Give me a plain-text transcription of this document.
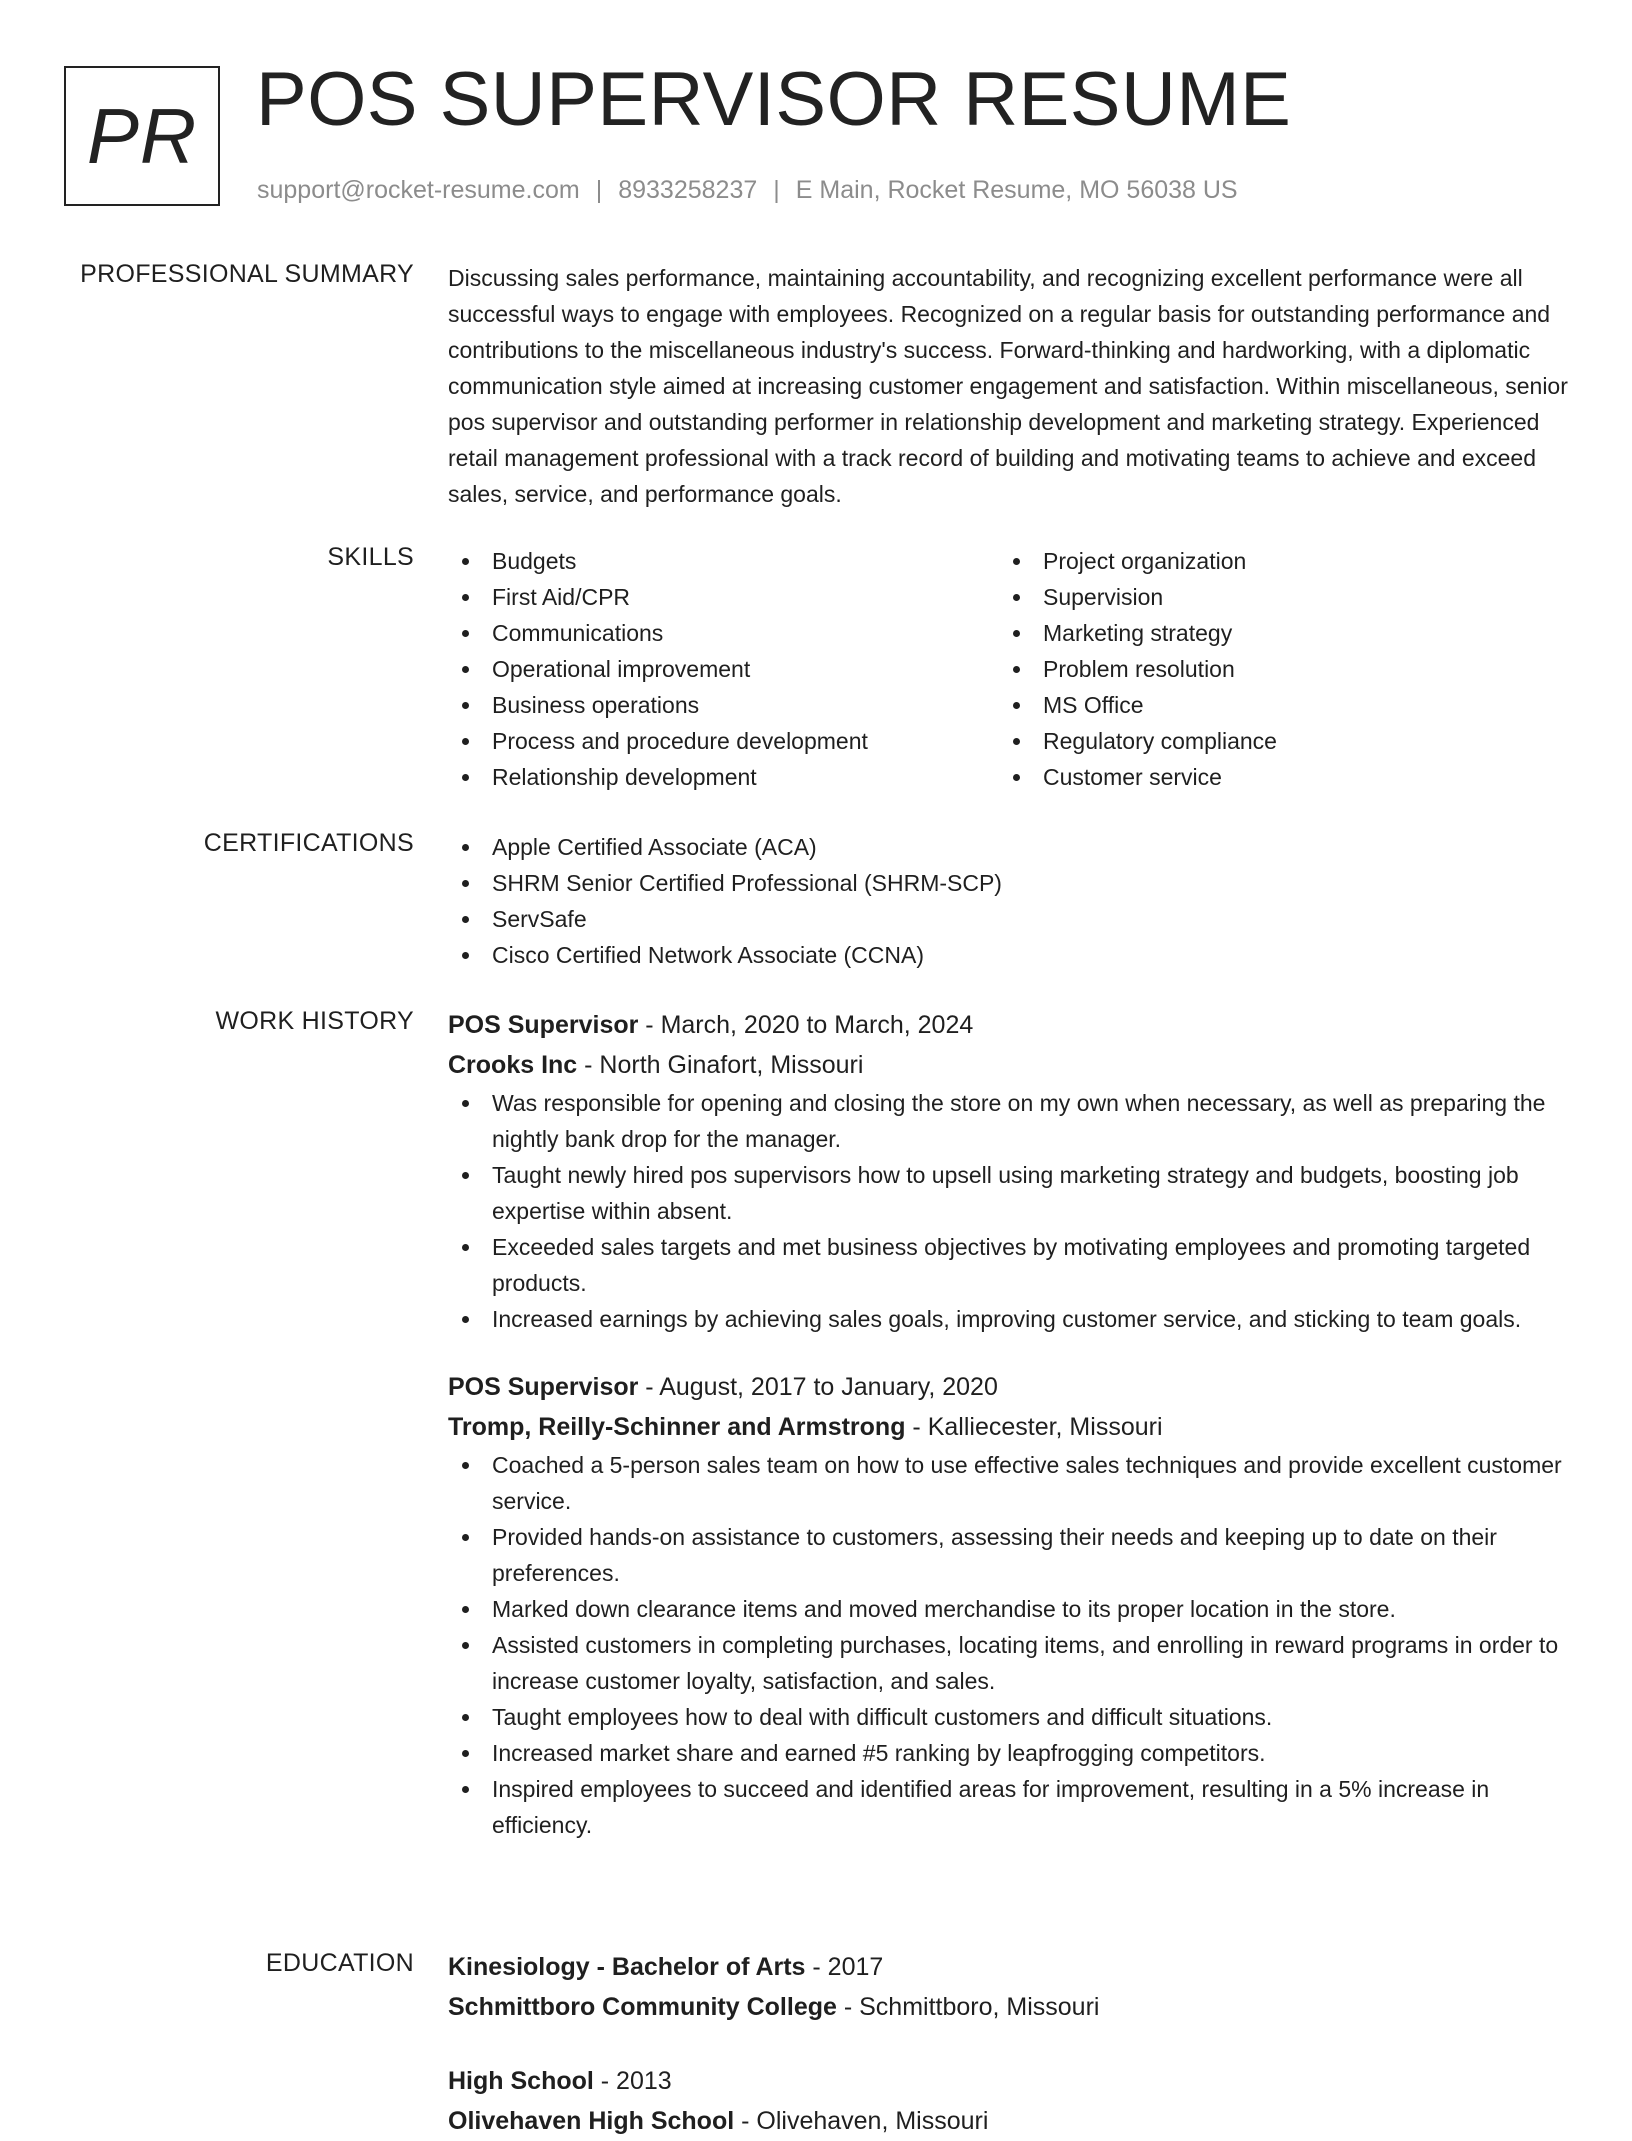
PR POS SUPERVISOR RESUME
support@rocket-resume.com | 8933258237 | E Main, Rocket Resume, MO 56038 US
PROFESSIONAL SUMMARY Discussing sales performance, maintaining accountability, and recognizing excellent performance were all successful ways to engage with employees. Recognized on a regular basis for outstanding performance and contributions to the miscellaneous industry's success. Forward-thinking and hardworking, with a diplomatic communication style aimed at increasing customer engagement and satisfaction. Within miscellaneous, senior pos supervisor and outstanding performer in relationship development and marketing strategy. Experienced retail management professional with a track record of building and motivating teams to achieve and exceed sales, service, and performance goals.

SKILLS	Budgets
First Aid/CPR
Communications
Operational improvement
Business operations
Process and procedure development
Relationship development
Project organization
Supervision
Marketing strategy
Problem resolution
MS Office
Regulatory compliance
Customer service
CERTIFICATIONS	Apple Certified Associate (ACA)
SHRM Senior Certified Professional (SHRM-SCP)
ServSafe
Cisco Certified Network Associate (CCNA)
WORK HISTORY POS Supervisor - March, 2020 to March, 2024
Crooks Inc - North Ginafort, Missouri
Was responsible for opening and closing the store on my own when necessary, as well as preparing the nightly bank drop for the manager.
Taught newly hired pos supervisors how to upsell using marketing strategy and budgets, boosting job expertise within absent.
Exceeded sales targets and met business objectives by motivating employees and promoting targeted products.
Increased earnings by achieving sales goals, improving customer service, and sticking to team goals.
POS Supervisor - August, 2017 to January, 2020
Tromp, Reilly-Schinner and Armstrong - Kalliecester, Missouri
Coached a 5-person sales team on how to use effective sales techniques and provide excellent customer service.
Provided hands-on assistance to customers, assessing their needs and keeping up to date on their preferences.
Marked down clearance items and moved merchandise to its proper location in the store.
Assisted customers in completing purchases, locating items, and enrolling in reward programs in order to increase customer loyalty, satisfaction, and sales.
Taught employees how to deal with difficult customers and difficult situations.
Increased market share and earned #5 ranking by leapfrogging competitors.
Inspired employees to succeed and identified areas for improvement, resulting in a 5% increase in efficiency.
EDUCATION Kinesiology - Bachelor of Arts - 2017
Schmittboro Community College - Schmittboro, Missouri
High School - 2013
Olivehaven High School - Olivehaven, Missouri
